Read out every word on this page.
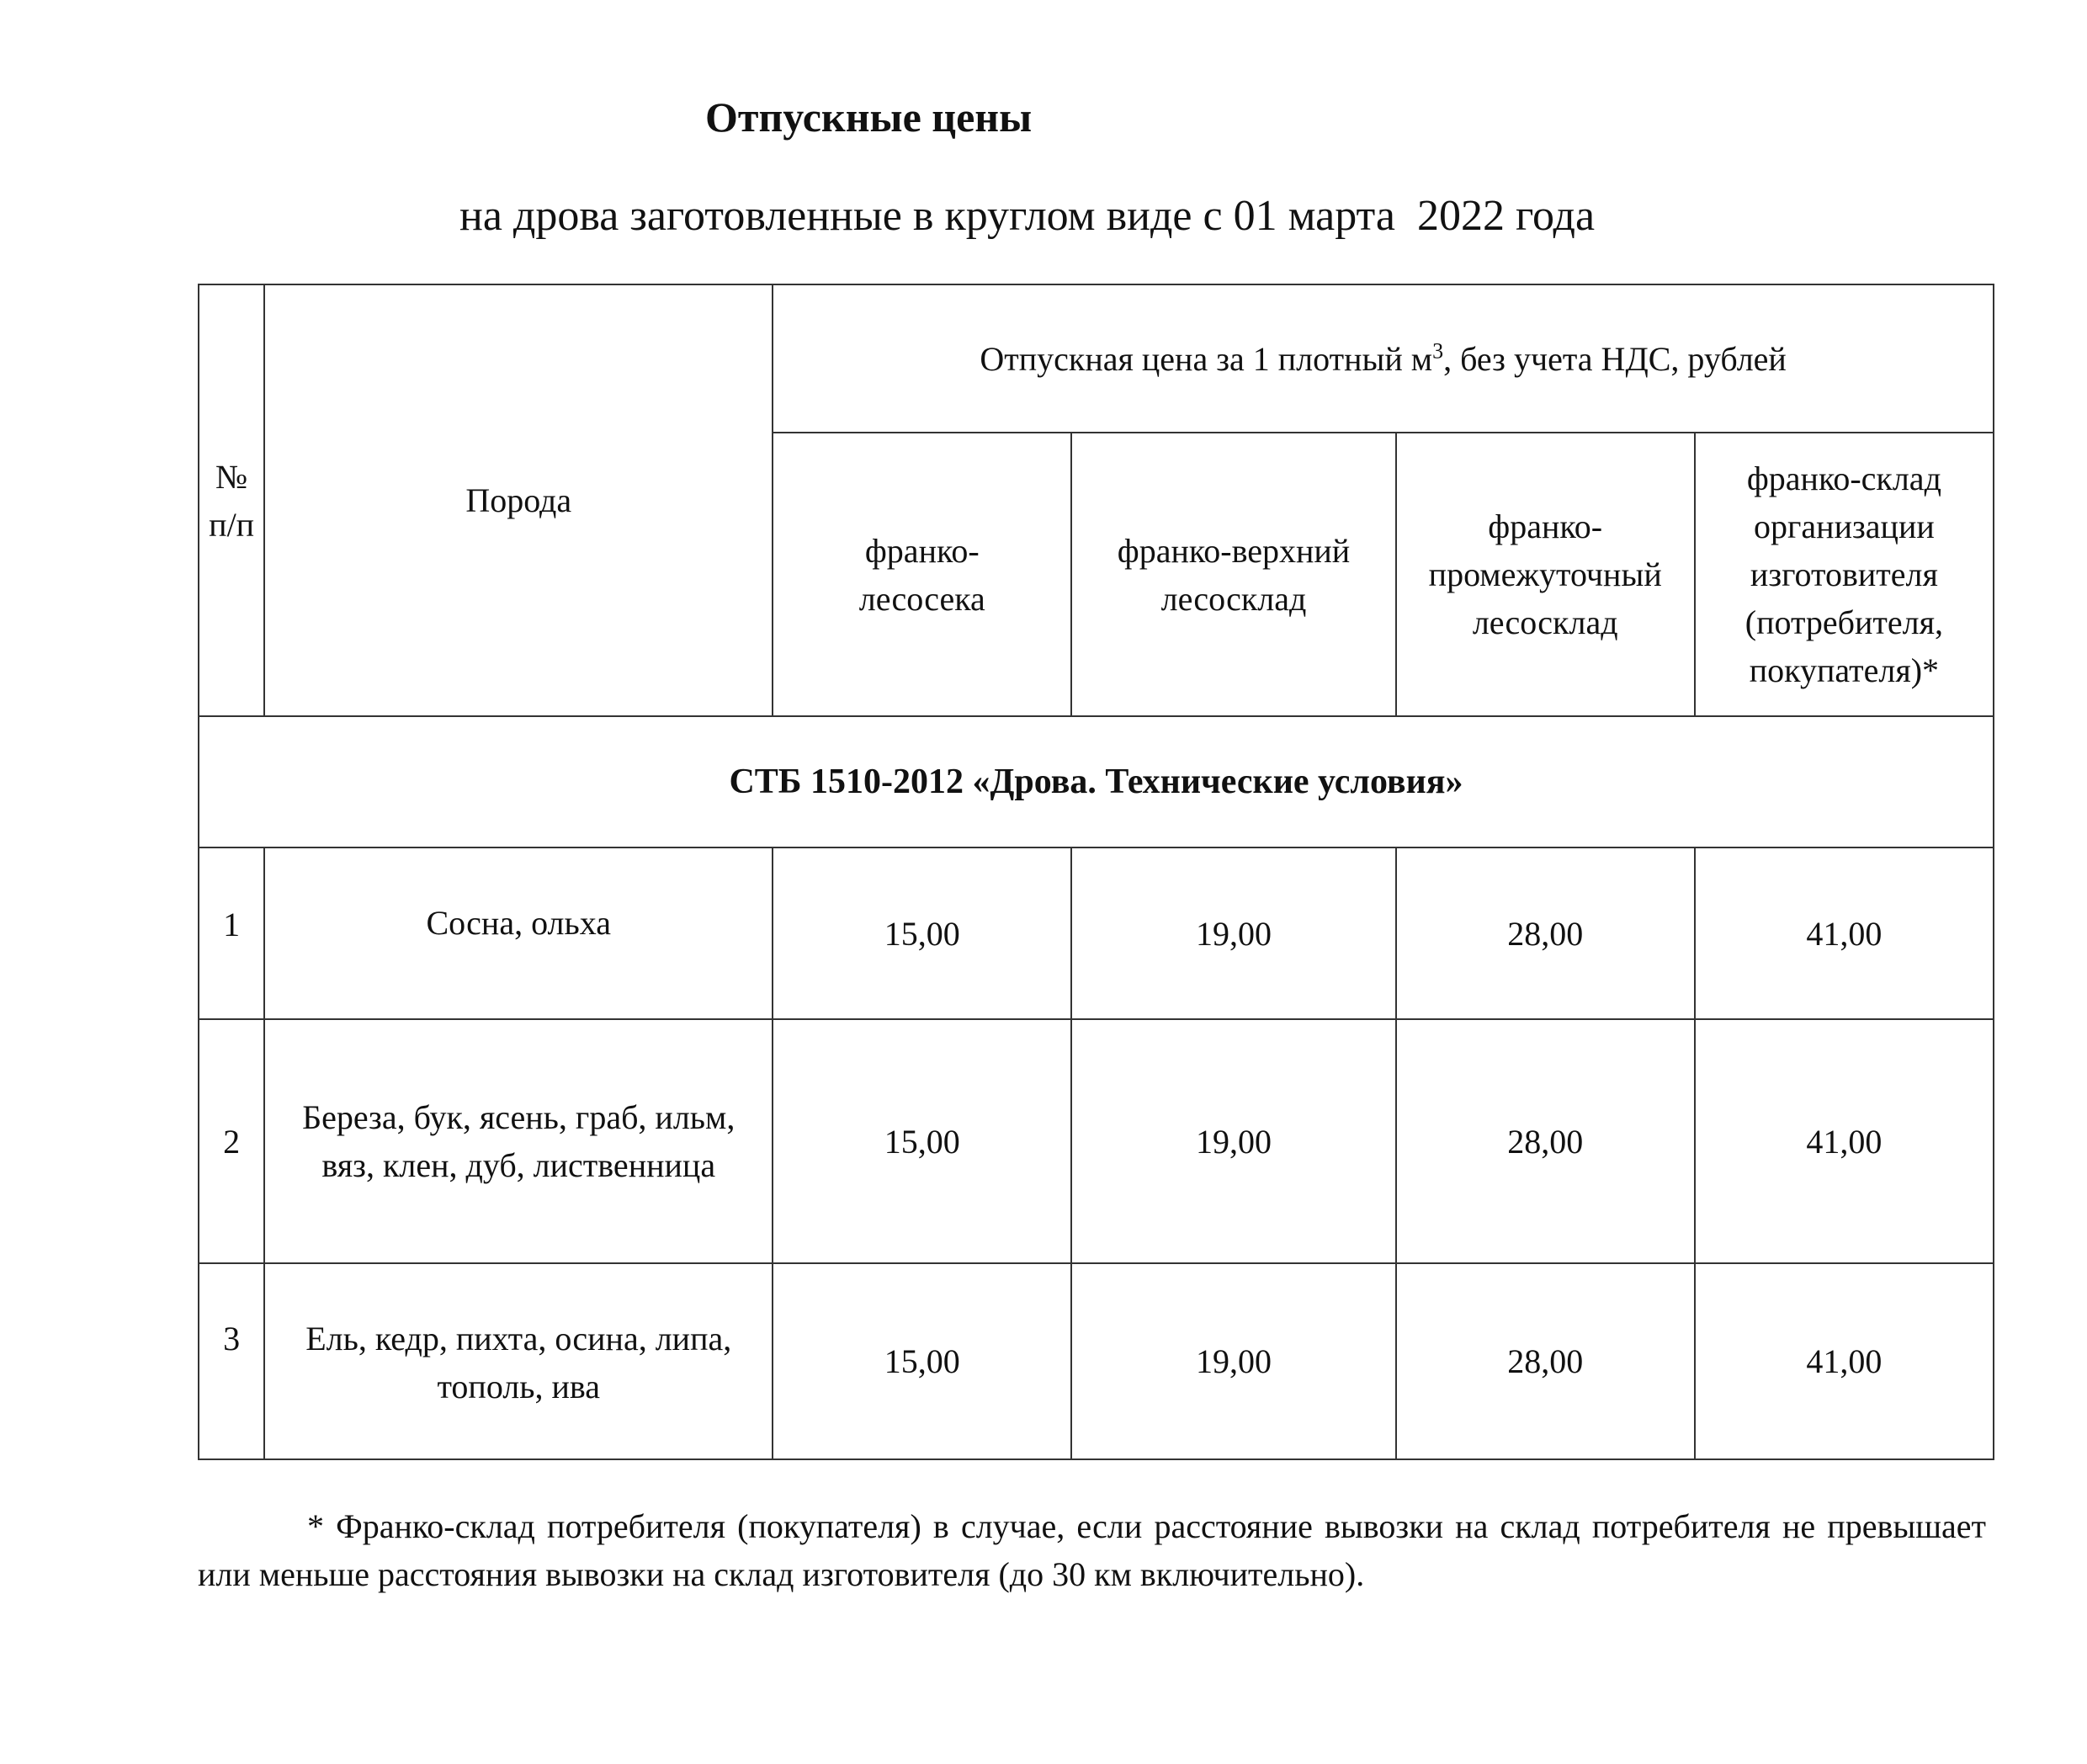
Отпускные цены
на дрова заготовленные в круглом виде с 01 марта  2022 года
№ п/п	Порода	Отпускная цена за 1 плотный $м^3$, без учета НДС, рублей			
		франко-лесосека	франко-верхний лесосклад	франко-промежуточный лесосклад	франко-склад организации изготовителя (потребителя, покупателя)*
СТБ 1510-2012 «Дрова. Технические условия»					
1	Сосна, ольха	15,00	19,00	28,00	41,00
2	Береза, бук, ясень, граб, ильм, вяз, клен, дуб, лиственница	15,00	19,00	28,00	41,00
3	Ель, кедр, пихта, осина, липа, тополь, ива	15,00	19,00	28,00	41,00
* Франко-склад потребителя (покупателя) в случае, если расстояние вывозки на склад потребителя не превышает или меньше расстояния вывозки на склад изготовителя (до 30 км включительно).
